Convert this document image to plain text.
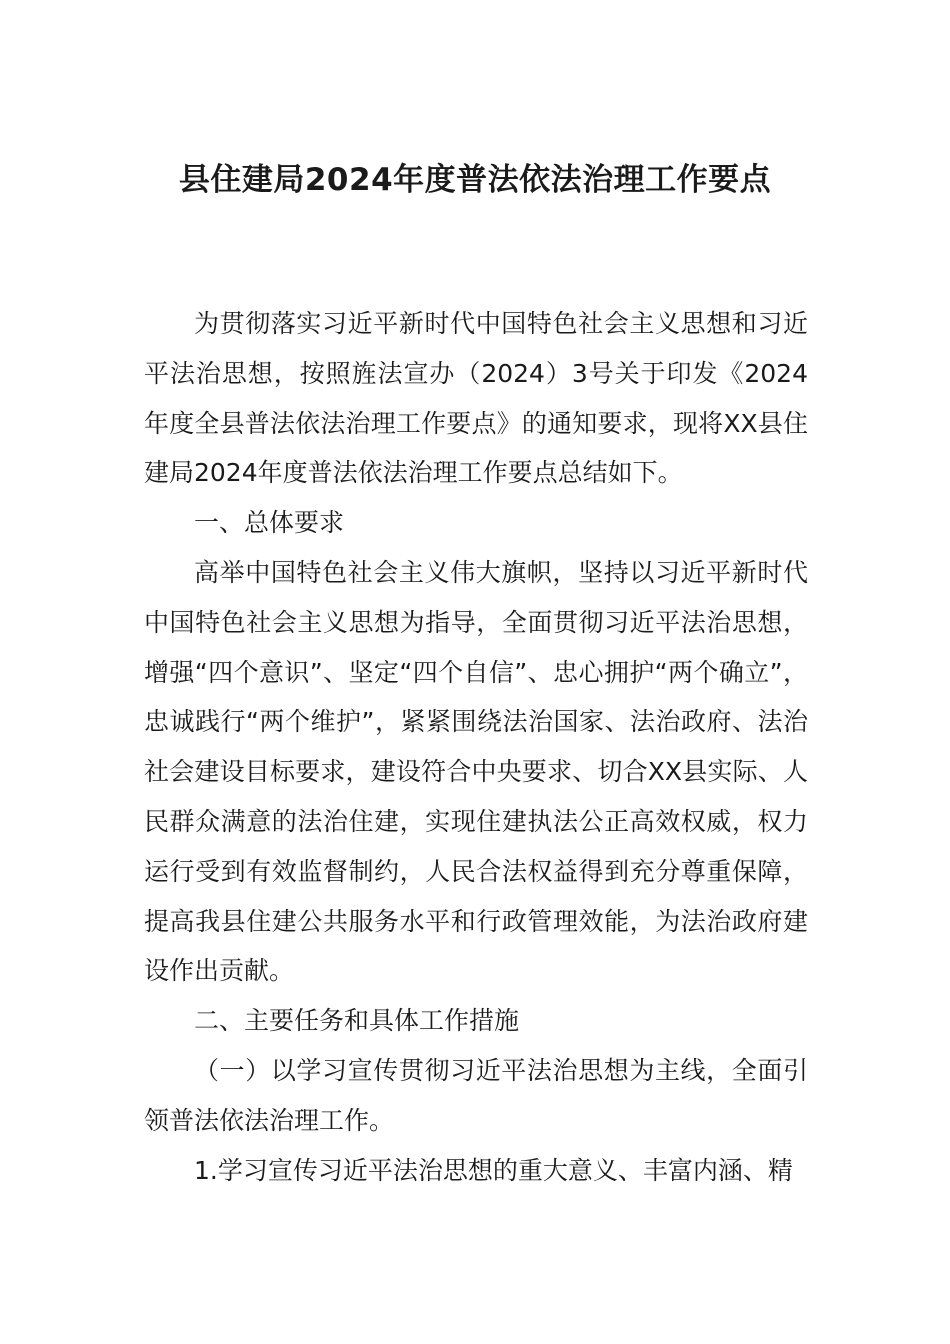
县住建局2024年度普法依法治理工作要点

为贯彻落实习近平新时代中国特色社会主义思想和习近平法治思想，按照旌法宣办（2024）3号关于印发《2024年度全县普法依法治理工作要点》的通知要求，现将XX县住建局2024年度普法依法治理工作要点总结如下。

一、总体要求

高举中国特色社会主义伟大旗帜，坚持以习近平新时代中国特色社会主义思想为指导，全面贯彻习近平法治思想，增强“四个意识”、坚定“四个自信”、忠心拥护“两个确立”，忠诚践行“两个维护”，紧紧围绕法治国家、法治政府、法治社会建设目标要求，建设符合中央要求、切合XX县实际、人民群众满意的法治住建，实现住建执法公正高效权威，权力运行受到有效监督制约，人民合法权益得到充分尊重保障，提高我县住建公共服务水平和行政管理效能，为法治政府建设作出贡献。

二、主要任务和具体工作措施

（一）以学习宣传贯彻习近平法治思想为主线，全面引领普法依法治理工作。

1.学习宣传习近平法治思想的重大意义、丰富内涵、精
